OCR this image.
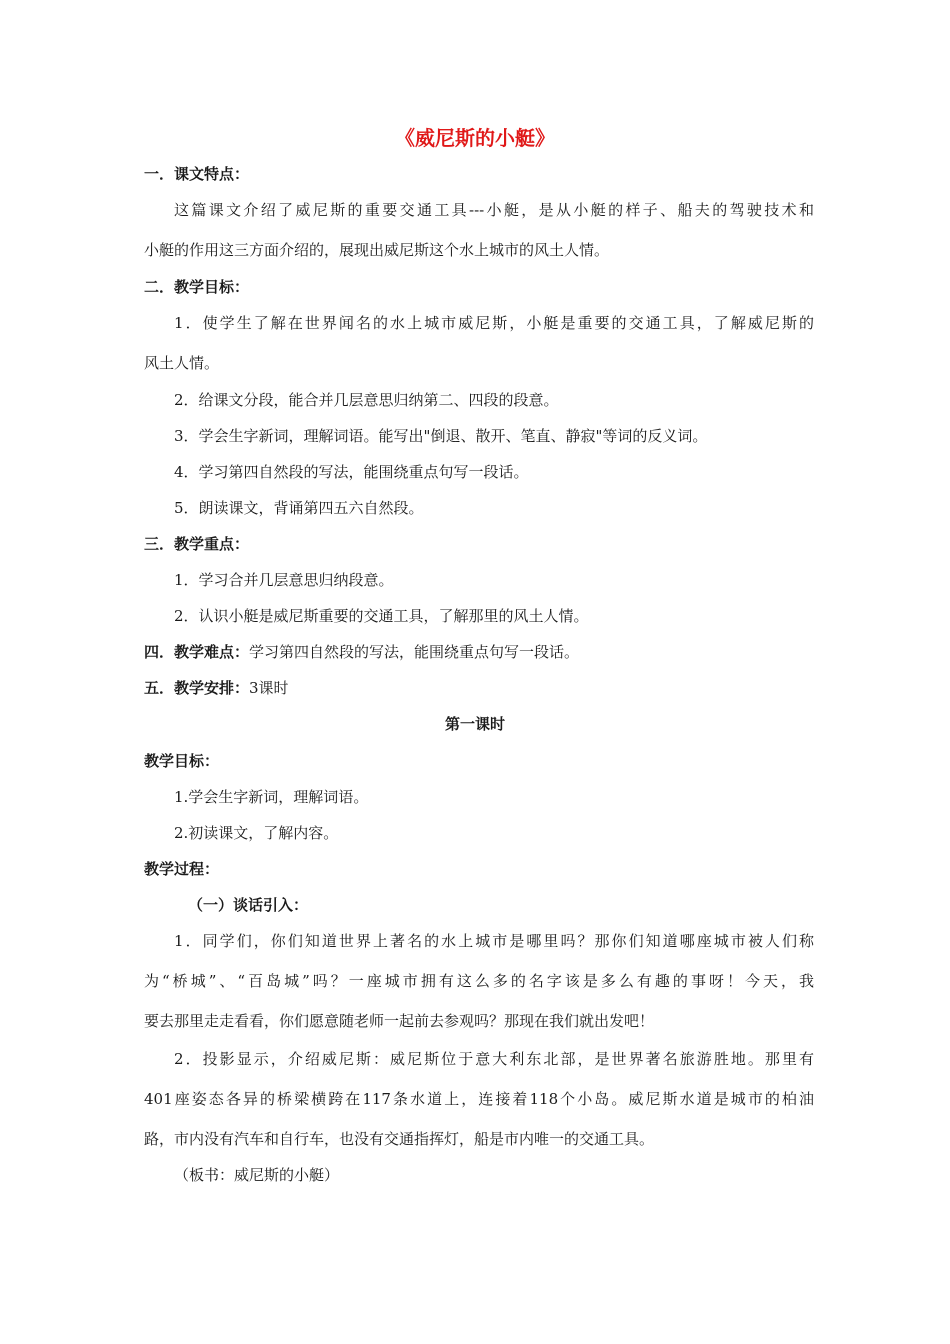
《威尼斯的小艇》
一．课文特点：
这篇课文介绍了威尼斯的重要交通工具---小艇，是从小艇的样子、船夫的驾驶技术和
小艇的作用这三方面介绍的，展现出威尼斯这个水上城市的风土人情。
二．教学目标：
1．使学生了解在世界闻名的水上城市威尼斯，小艇是重要的交通工具，了解威尼斯的
风土人情。
2．给课文分段，能合并几层意思归纳第二、四段的段意。
3．学会生字新词，理解词语。能写出"倒退、散开、笔直、静寂"等词的反义词。
4．学习第四自然段的写法，能围绕重点句写一段话。
5．朗读课文，背诵第四五六自然段。
三．教学重点：
1．学习合并几层意思归纳段意。
2．认识小艇是威尼斯重要的交通工具，了解那里的风土人情。
四．教学难点：学习第四自然段的写法，能围绕重点句写一段话。
五．教学安排：3课时
第一课时
教学目标：
1.学会生字新词，理解词语。
2.初读课文，了解内容。
教学过程：
（一）谈话引入：
1．同学们，你们知道世界上著名的水上城市是哪里吗？那你们知道哪座城市被人们称
为“桥城”、“百岛城”吗？一座城市拥有这么多的名字该是多么有趣的事呀！今天，我
要去那里走走看看，你们愿意随老师一起前去参观吗？那现在我们就出发吧！
2．投影显示，介绍威尼斯：威尼斯位于意大利东北部，是世界著名旅游胜地。那里有
401座姿态各异的桥梁横跨在117条水道上，连接着118个小岛。威尼斯水道是城市的柏油
路，市内没有汽车和自行车，也没有交通指挥灯，船是市内唯一的交通工具。
（板书：威尼斯的小艇）
